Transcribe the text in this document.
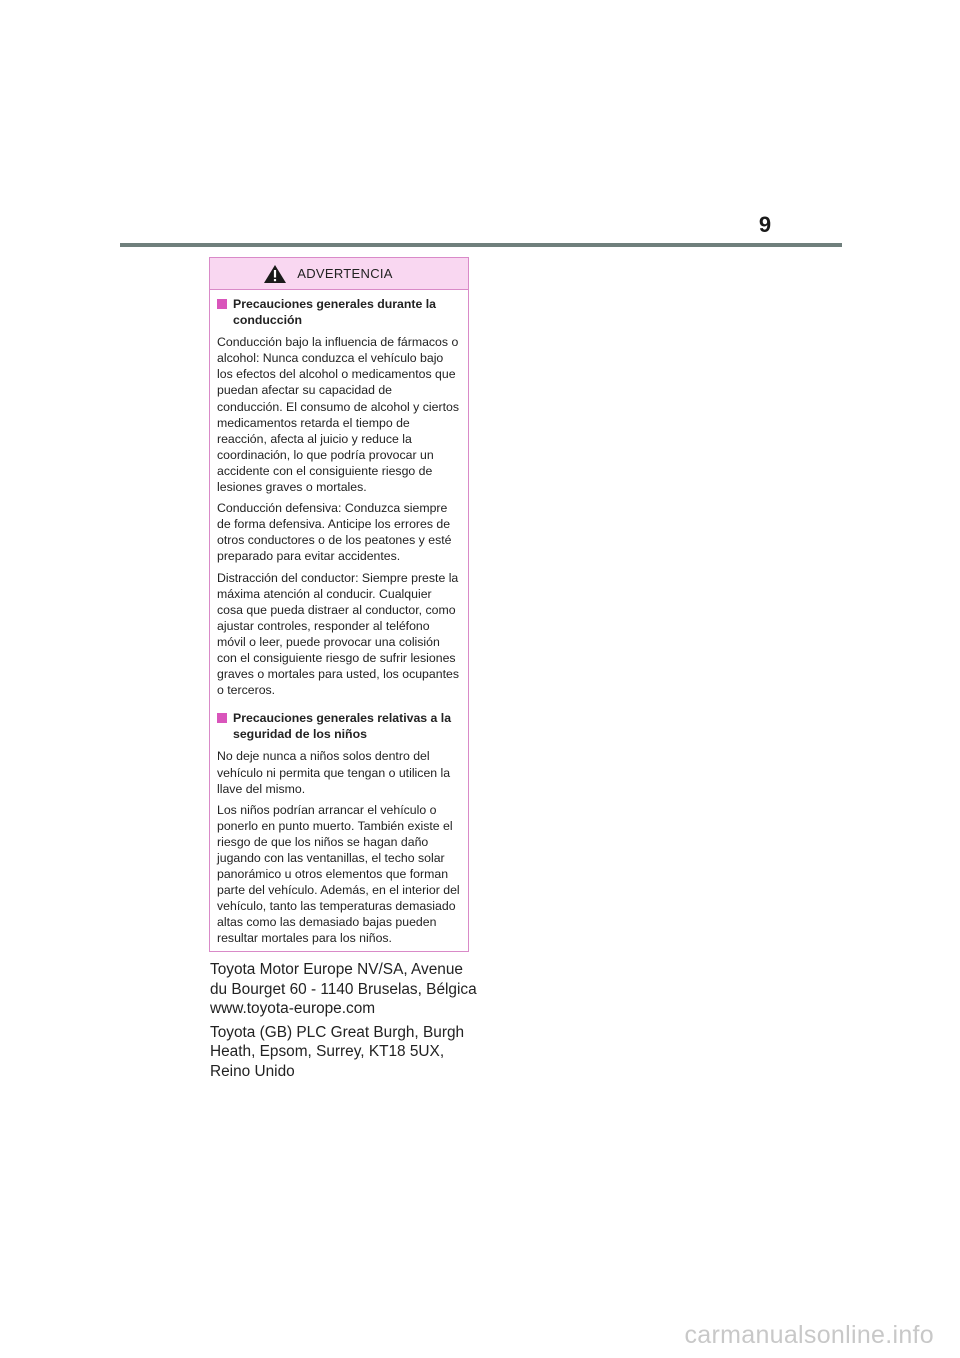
9
ADVERTENCIA
Precauciones generales durante la
conducción

Conducción bajo la influencia de fármacos o alcohol: Nunca conduzca el vehículo bajo los efectos del alcohol o medicamentos que puedan afectar su capacidad de conducción. El consumo de alcohol y ciertos medicamentos retarda el tiempo de reacción, afecta al juicio y reduce la coordinación, lo que podría provocar un accidente con el consiguiente riesgo de lesiones graves o mortales.

Conducción defensiva: Conduzca siempre de forma defensiva. Anticipe los errores de otros conductores o de los peatones y esté preparado para evitar accidentes.

Distracción del conductor: Siempre preste la máxima atención al conducir. Cualquier cosa que pueda distraer al conductor, como ajustar controles, responder al teléfono móvil o leer, puede provocar una colisión con el consiguiente riesgo de sufrir lesiones graves o mortales para usted, los ocupantes o terceros.

Precauciones generales relativas a la
seguridad de los niños

No deje nunca a niños solos dentro del vehículo ni permita que tengan o utilicen la llave del mismo.

Los niños podrían arrancar el vehículo o ponerlo en punto muerto. También existe el riesgo de que los niños se hagan daño jugando con las ventanillas, el techo solar panorámico u otros elementos que forman parte del vehículo. Además, en el interior del vehículo, tanto las temperaturas demasiado altas como las demasiado bajas pueden resultar mortales para los niños.

Toyota Motor Europe NV/SA, Avenue du Bourget 60 - 1140 Bruselas, Bélgica www.toyota-europe.com

Toyota (GB) PLC Great Burgh, Burgh Heath, Epsom, Surrey, KT18 5UX, Reino Unido

carmanualsonline.info
